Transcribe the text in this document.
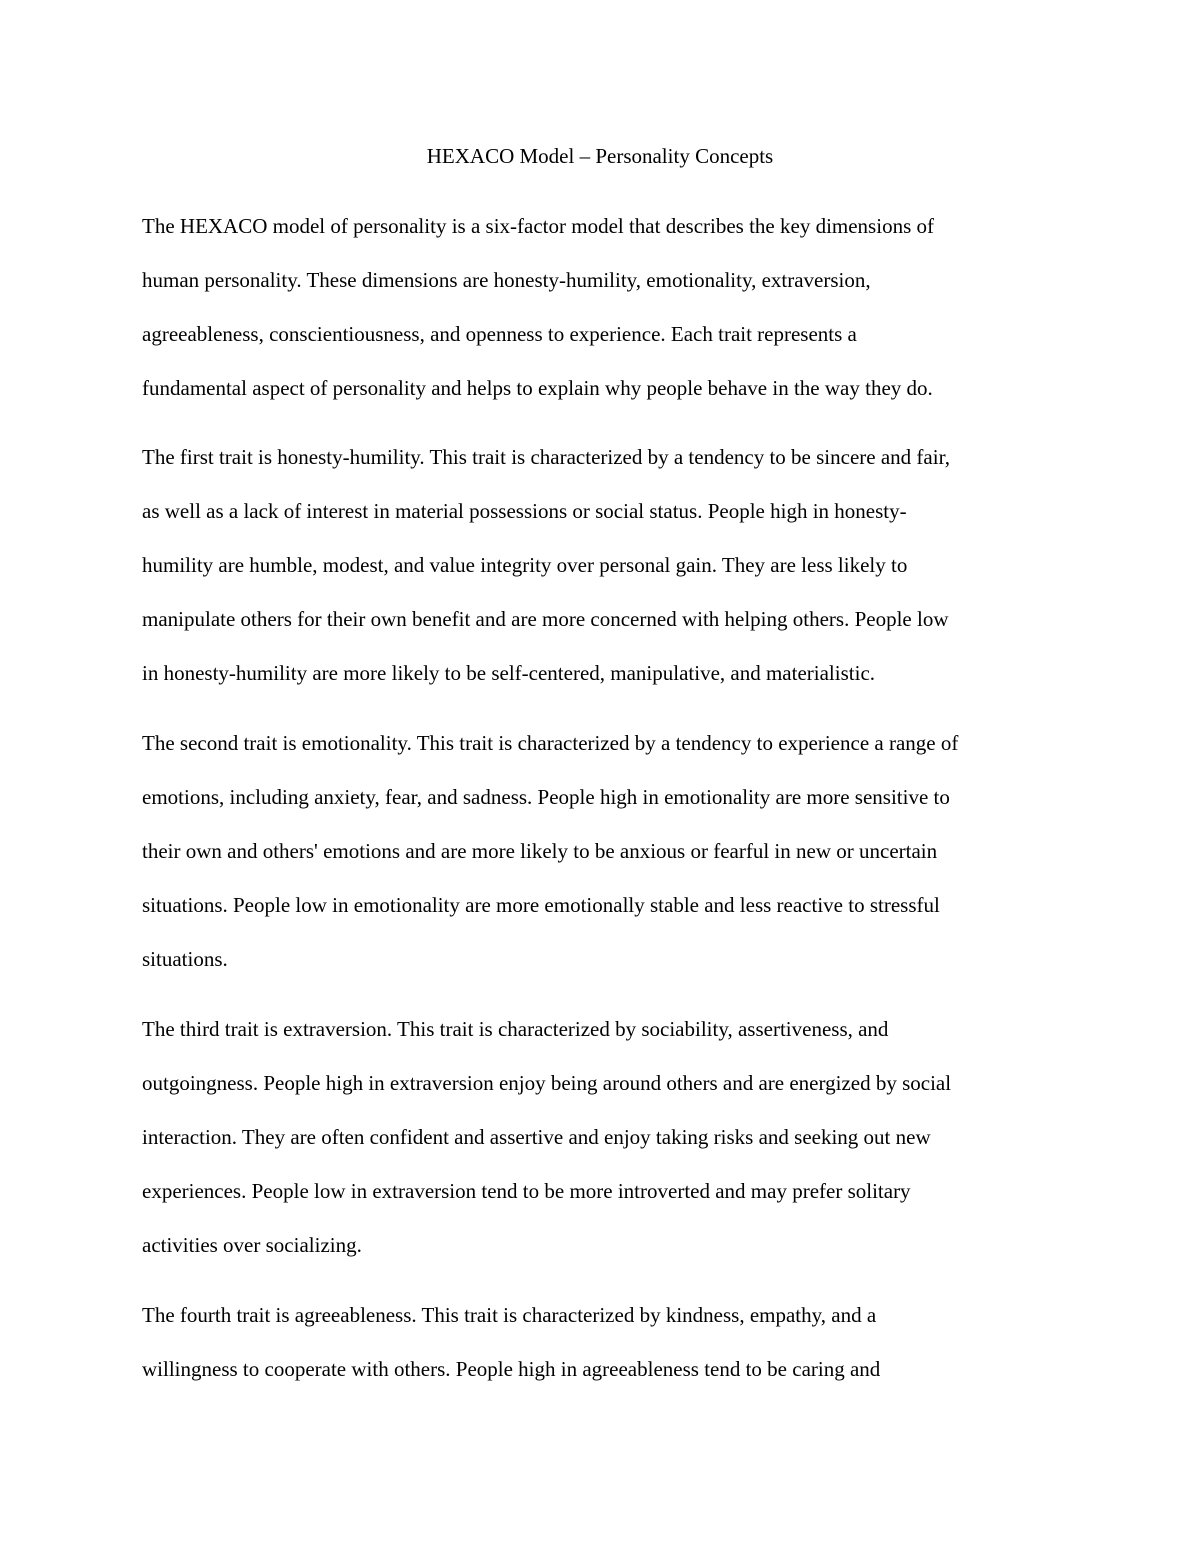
HEXACO Model – Personality Concepts
The HEXACO model of personality is a six-factor model that describes the key dimensions of
human personality. These dimensions are honesty-humility, emotionality, extraversion,
agreeableness, conscientiousness, and openness to experience. Each trait represents a
fundamental aspect of personality and helps to explain why people behave in the way they do.
The first trait is honesty-humility. This trait is characterized by a tendency to be sincere and fair,
as well as a lack of interest in material possessions or social status. People high in honesty-
humility are humble, modest, and value integrity over personal gain. They are less likely to
manipulate others for their own benefit and are more concerned with helping others. People low
in honesty-humility are more likely to be self-centered, manipulative, and materialistic.
The second trait is emotionality. This trait is characterized by a tendency to experience a range of
emotions, including anxiety, fear, and sadness. People high in emotionality are more sensitive to
their own and others' emotions and are more likely to be anxious or fearful in new or uncertain
situations. People low in emotionality are more emotionally stable and less reactive to stressful
situations.
The third trait is extraversion. This trait is characterized by sociability, assertiveness, and
outgoingness. People high in extraversion enjoy being around others and are energized by social
interaction. They are often confident and assertive and enjoy taking risks and seeking out new
experiences. People low in extraversion tend to be more introverted and may prefer solitary
activities over socializing.
The fourth trait is agreeableness. This trait is characterized by kindness, empathy, and a
willingness to cooperate with others. People high in agreeableness tend to be caring and
